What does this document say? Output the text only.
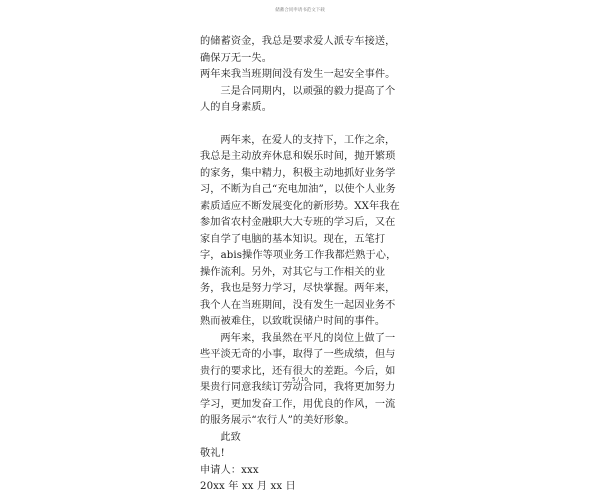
储蓄合同申请书范文下载

的储蓄资金，我总是要求爱人派专车接送，确保万无一失。

两年来我当班期间没有发生一起安全事件。

三是合同期内，以顽强的毅力提高了个人的自身素质。

两年来，在爱人的支持下，工作之余，我总是主动放弃休息和娱乐时间，抛开繁琐的家务，集中精力，积极主动地抓好业务学习，不断为自己“充电加油”，以使个人业务素质适应不断发展变化的新形势。XX年我在参加省农村金融职大大专班的学习后，又在家自学了电脑的基本知识。现在，五笔打字，abis操作等项业务工作我都烂熟于心，操作流利。另外，对其它与工作相关的业务，我也是努力学习，尽快掌握。两年来，我个人在当班期间，没有发生一起因业务不熟而被难住，以致耽误储户时间的事件。

两年来，我虽然在平凡的岗位上做了一些平淡无奇的小事，取得了一些成绩，但与贵行的要求比，还有很大的差距。今后，如果贵行同意我续订劳动合同，我将更加努力学习，更加发奋工作，用优良的作风，一流的服务展示“农行人”的美好形象。

此致

敬礼!

申请人：xxx

20xx 年 xx 月 xx 日

5 / 10
